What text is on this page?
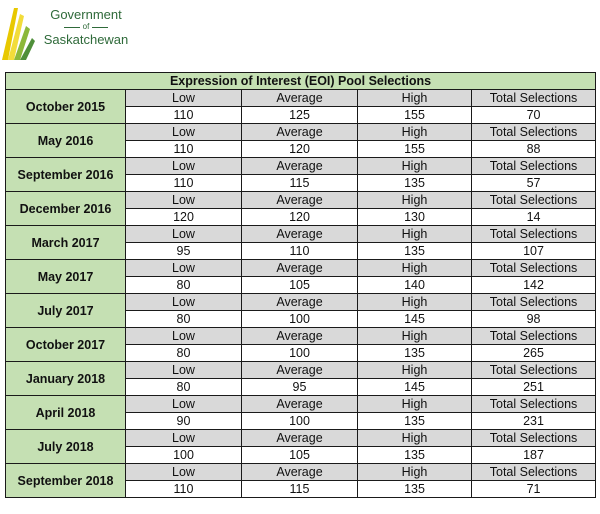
Government
of
Saskatchewan
Expression of Interest (EOI) Pool Selections				
October 2015	Low	Average	High	Total Selections
	110	125	155	70
May 2016	Low	Average	High	Total Selections
	110	120	155	88
September 2016	Low	Average	High	Total Selections
	110	115	135	57
December 2016	Low	Average	High	Total Selections
	120	120	130	14
March 2017	Low	Average	High	Total Selections
	95	110	135	107
May 2017	Low	Average	High	Total Selections
	80	105	140	142
July 2017	Low	Average	High	Total Selections
	80	100	145	98
October 2017	Low	Average	High	Total Selections
	80	100	135	265
January 2018	Low	Average	High	Total Selections
	80	95	145	251
April 2018	Low	Average	High	Total Selections
	90	100	135	231
July 2018	Low	Average	High	Total Selections
	100	105	135	187
September 2018	Low	Average	High	Total Selections
	110	115	135	71
